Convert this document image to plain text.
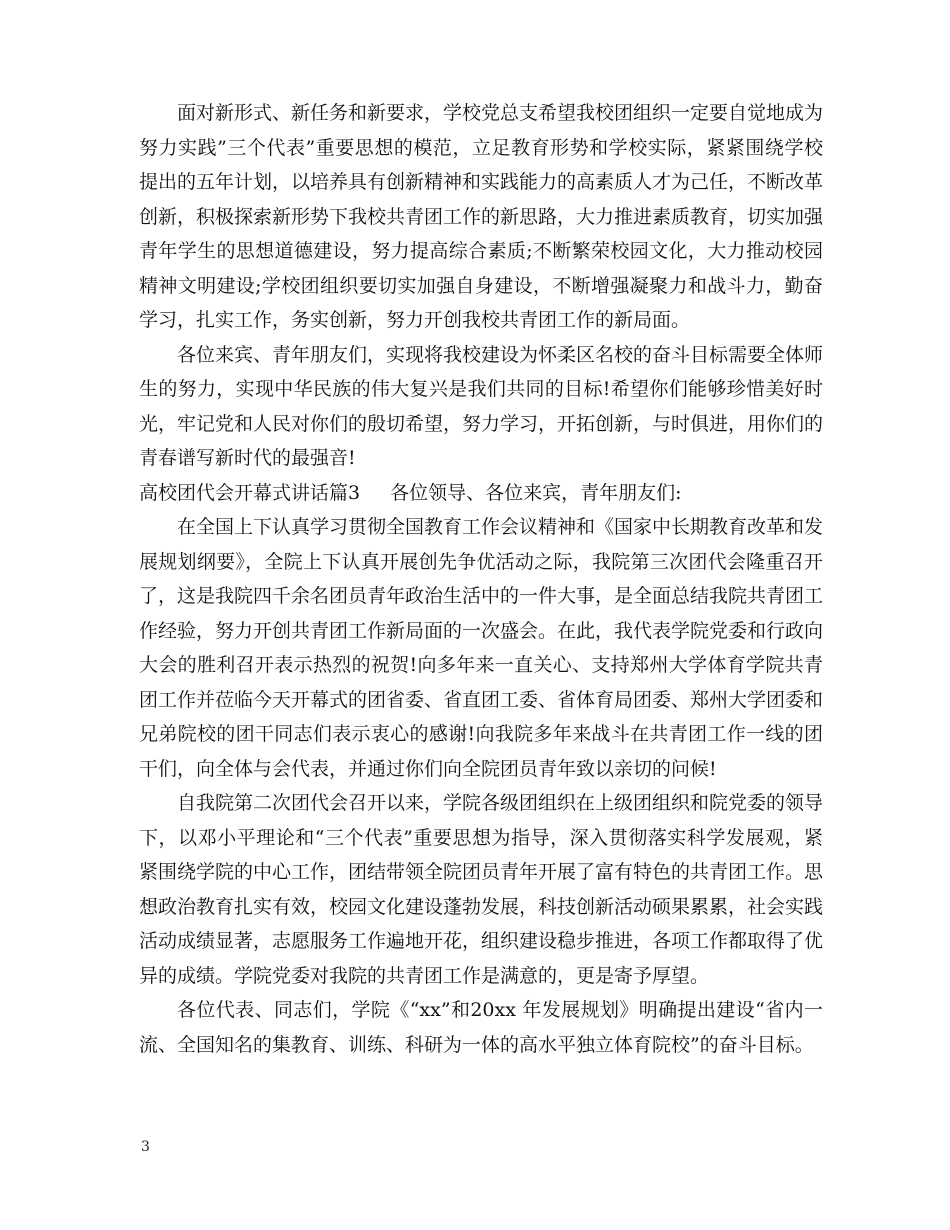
面对新形式、新任务和新要求，学校党总支希望我校团组织一定要自觉地成为努力实践”三个代表”重要思想的模范，立足教育形势和学校实际，紧紧围绕学校提出的五年计划，以培养具有创新精神和实践能力的高素质人才为己任，不断改革创新，积极探索新形势下我校共青团工作的新思路，大力推进素质教育，切实加强青年学生的思想道德建设，努力提高综合素质;不断繁荣校园文化，大力推动校园精神文明建设;学校团组织要切实加强自身建设，不断增强凝聚力和战斗力，勤奋学习，扎实工作，务实创新，努力开创我校共青团工作的新局面。

各位来宾、青年朋友们，实现将我校建设为怀柔区名校的奋斗目标需要全体师生的努力，实现中华民族的伟大复兴是我们共同的目标!希望你们能够珍惜美好时光，牢记党和人民对你们的殷切希望，努力学习，开拓创新，与时俱进，用你们的青春谱写新时代的最强音!

高校团代会开幕式讲话篇3 各位领导、各位来宾，青年朋友们:

在全国上下认真学习贯彻全国教育工作会议精神和《国家中长期教育改革和发展规划纲要》，全院上下认真开展创先争优活动之际，我院第三次团代会隆重召开了，这是我院四千余名团员青年政治生活中的一件大事，是全面总结我院共青团工作经验，努力开创共青团工作新局面的一次盛会。在此，我代表学院党委和行政向大会的胜利召开表示热烈的祝贺!向多年来一直关心、支持郑州大学体育学院共青团工作并莅临今天开幕式的团省委、省直团工委、省体育局团委、郑州大学团委和兄弟院校的团干同志们表示衷心的感谢!向我院多年来战斗在共青团工作一线的团干们，向全体与会代表，并通过你们向全院团员青年致以亲切的问候!

自我院第二次团代会召开以来，学院各级团组织在上级团组织和院党委的领导下，以邓小平理论和“三个代表”重要思想为指导，深入贯彻落实科学发展观，紧紧围绕学院的中心工作，团结带领全院团员青年开展了富有特色的共青团工作。思想政治教育扎实有效，校园文化建设蓬勃发展，科技创新活动硕果累累，社会实践活动成绩显著，志愿服务工作遍地开花，组织建设稳步推进，各项工作都取得了优异的成绩。学院党委对我院的共青团工作是满意的，更是寄予厚望。

各位代表、同志们，学院《“xx”和20xx 年发展规划》明确提出建设“省内一流、全国知名的集教育、训练、科研为一体的高水平独立体育院校”的奋斗目标。

3
